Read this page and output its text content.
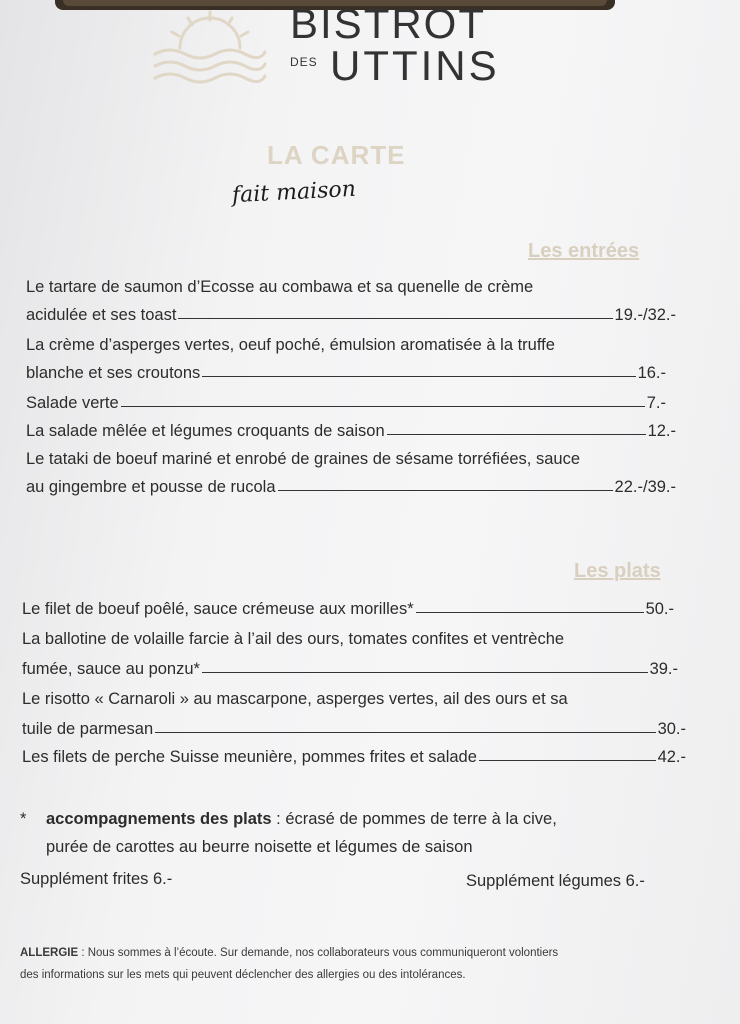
BISTROT
DES UTTINS
LA CARTE
fait maison
Les entrées
Le tartare de saumon d’Ecosse au combawa et sa quenelle de crème
acidulée et ses toast	19.-/32.-
La crème d’asperges vertes, oeuf poché, émulsion aromatisée à la truffe
blanche et ses croutons	16.-
Salade verte	7.-
La salade mêlée et légumes croquants de saison	12.-
Le tataki de boeuf mariné et enrobé de graines de sésame torréfiées, sauce
au gingembre et pousse de rucola	22.-/39.-
Les plats
Le filet de boeuf poêlé, sauce crémeuse aux morilles*	50.-
La ballotine de volaille farcie à l’ail des ours, tomates confites et ventrèche
fumée, sauce au ponzu*	39.-
Le risotto « Carnaroli » au mascarpone, asperges vertes, ail des ours et sa
tuile de parmesan	30.-
Les filets de perche Suisse meunière, pommes frites et salade	42.-
* accompagnements des plats : écrasé de pommes de terre à la cive,
purée de carottes au beurre noisette et légumes de saison
Supplément frites 6.-	Supplément légumes 6.-
ALLERGIE : Nous sommes à l’écoute. Sur demande, nos collaborateurs vous communiqueront volontiers
des informations sur les mets qui peuvent déclencher des allergies ou des intolérances.
